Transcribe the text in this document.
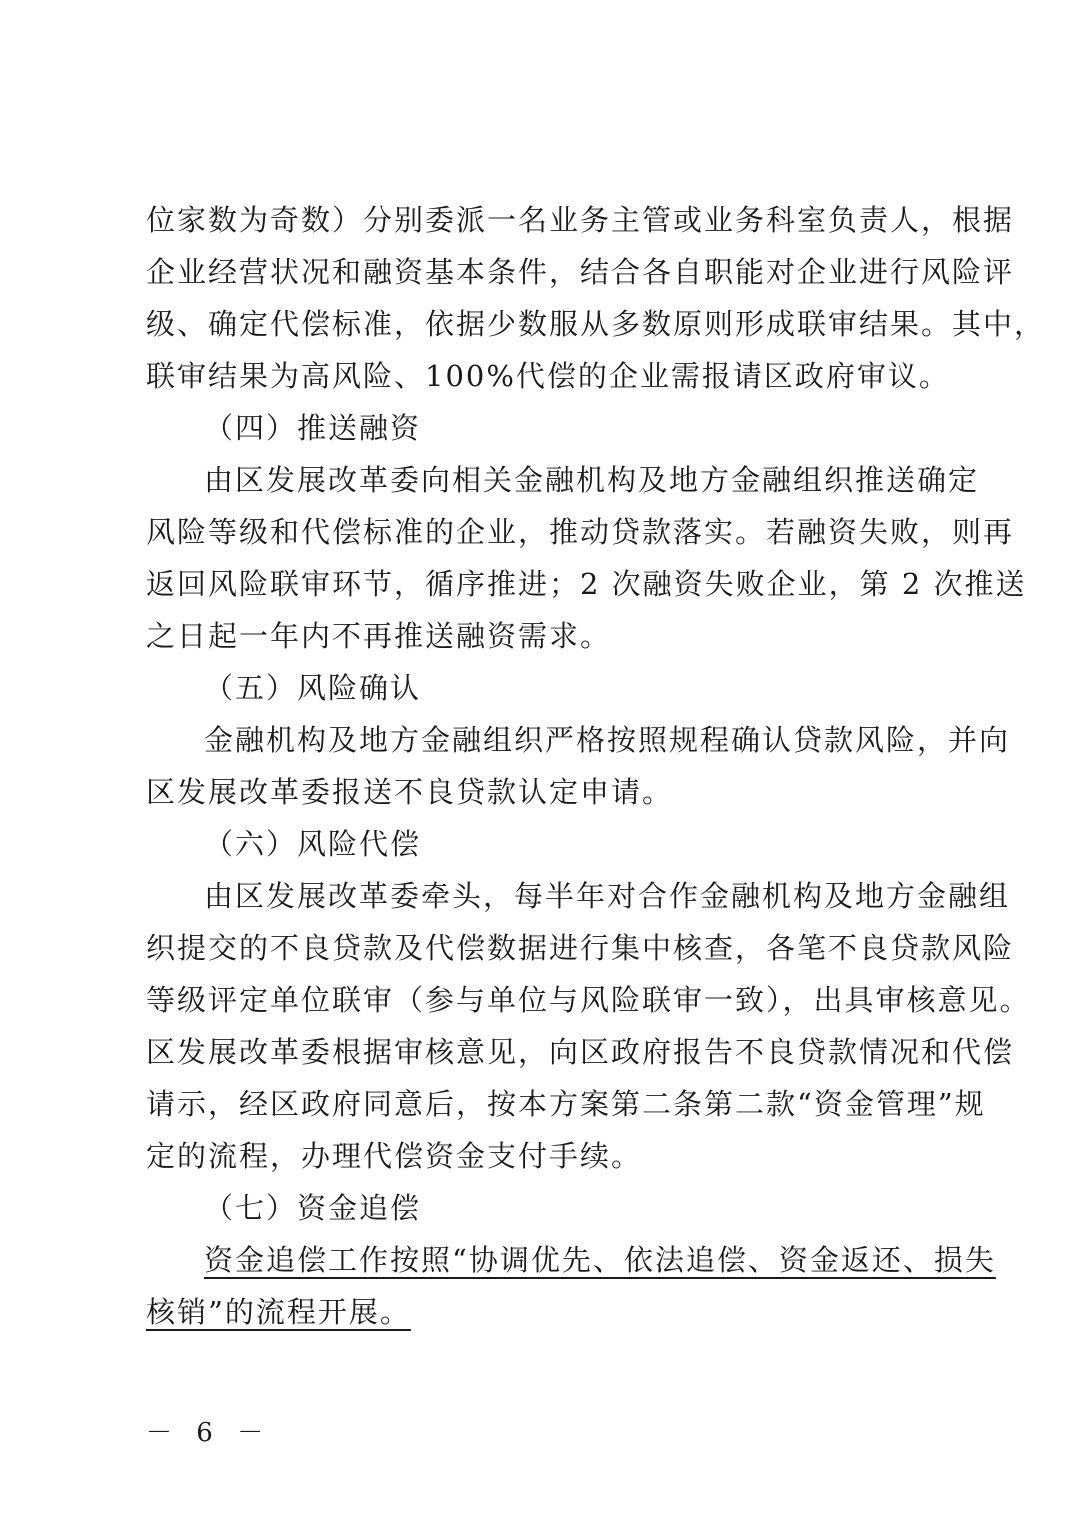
位家数为奇数）分别委派一名业务主管或业务科室负责人，根据
企业经营状况和融资基本条件，结合各自职能对企业进行风险评
级、确定代偿标准，依据少数服从多数原则形成联审结果。其中，
联审结果为高风险、100%代偿的企业需报请区政府审议。
（四）推送融资
由区发展改革委向相关金融机构及地方金融组织推送确定
风险等级和代偿标准的企业，推动贷款落实。若融资失败，则再
返回风险联审环节，循序推进；2 次融资失败企业，第 2 次推送
之日起一年内不再推送融资需求。
（五）风险确认
金融机构及地方金融组织严格按照规程确认贷款风险，并向
区发展改革委报送不良贷款认定申请。
（六）风险代偿
由区发展改革委牵头，每半年对合作金融机构及地方金融组
织提交的不良贷款及代偿数据进行集中核查，各笔不良贷款风险
等级评定单位联审（参与单位与风险联审一致），出具审核意见。
区发展改革委根据审核意见，向区政府报告不良贷款情况和代偿
请示，经区政府同意后，按本方案第二条第二款“资金管理”规
定的流程，办理代偿资金支付手续。
（七）资金追偿
资金追偿工作按照“协调优先、依法追偿、资金返还、损失
核销”的流程开展。
－ 6 －
